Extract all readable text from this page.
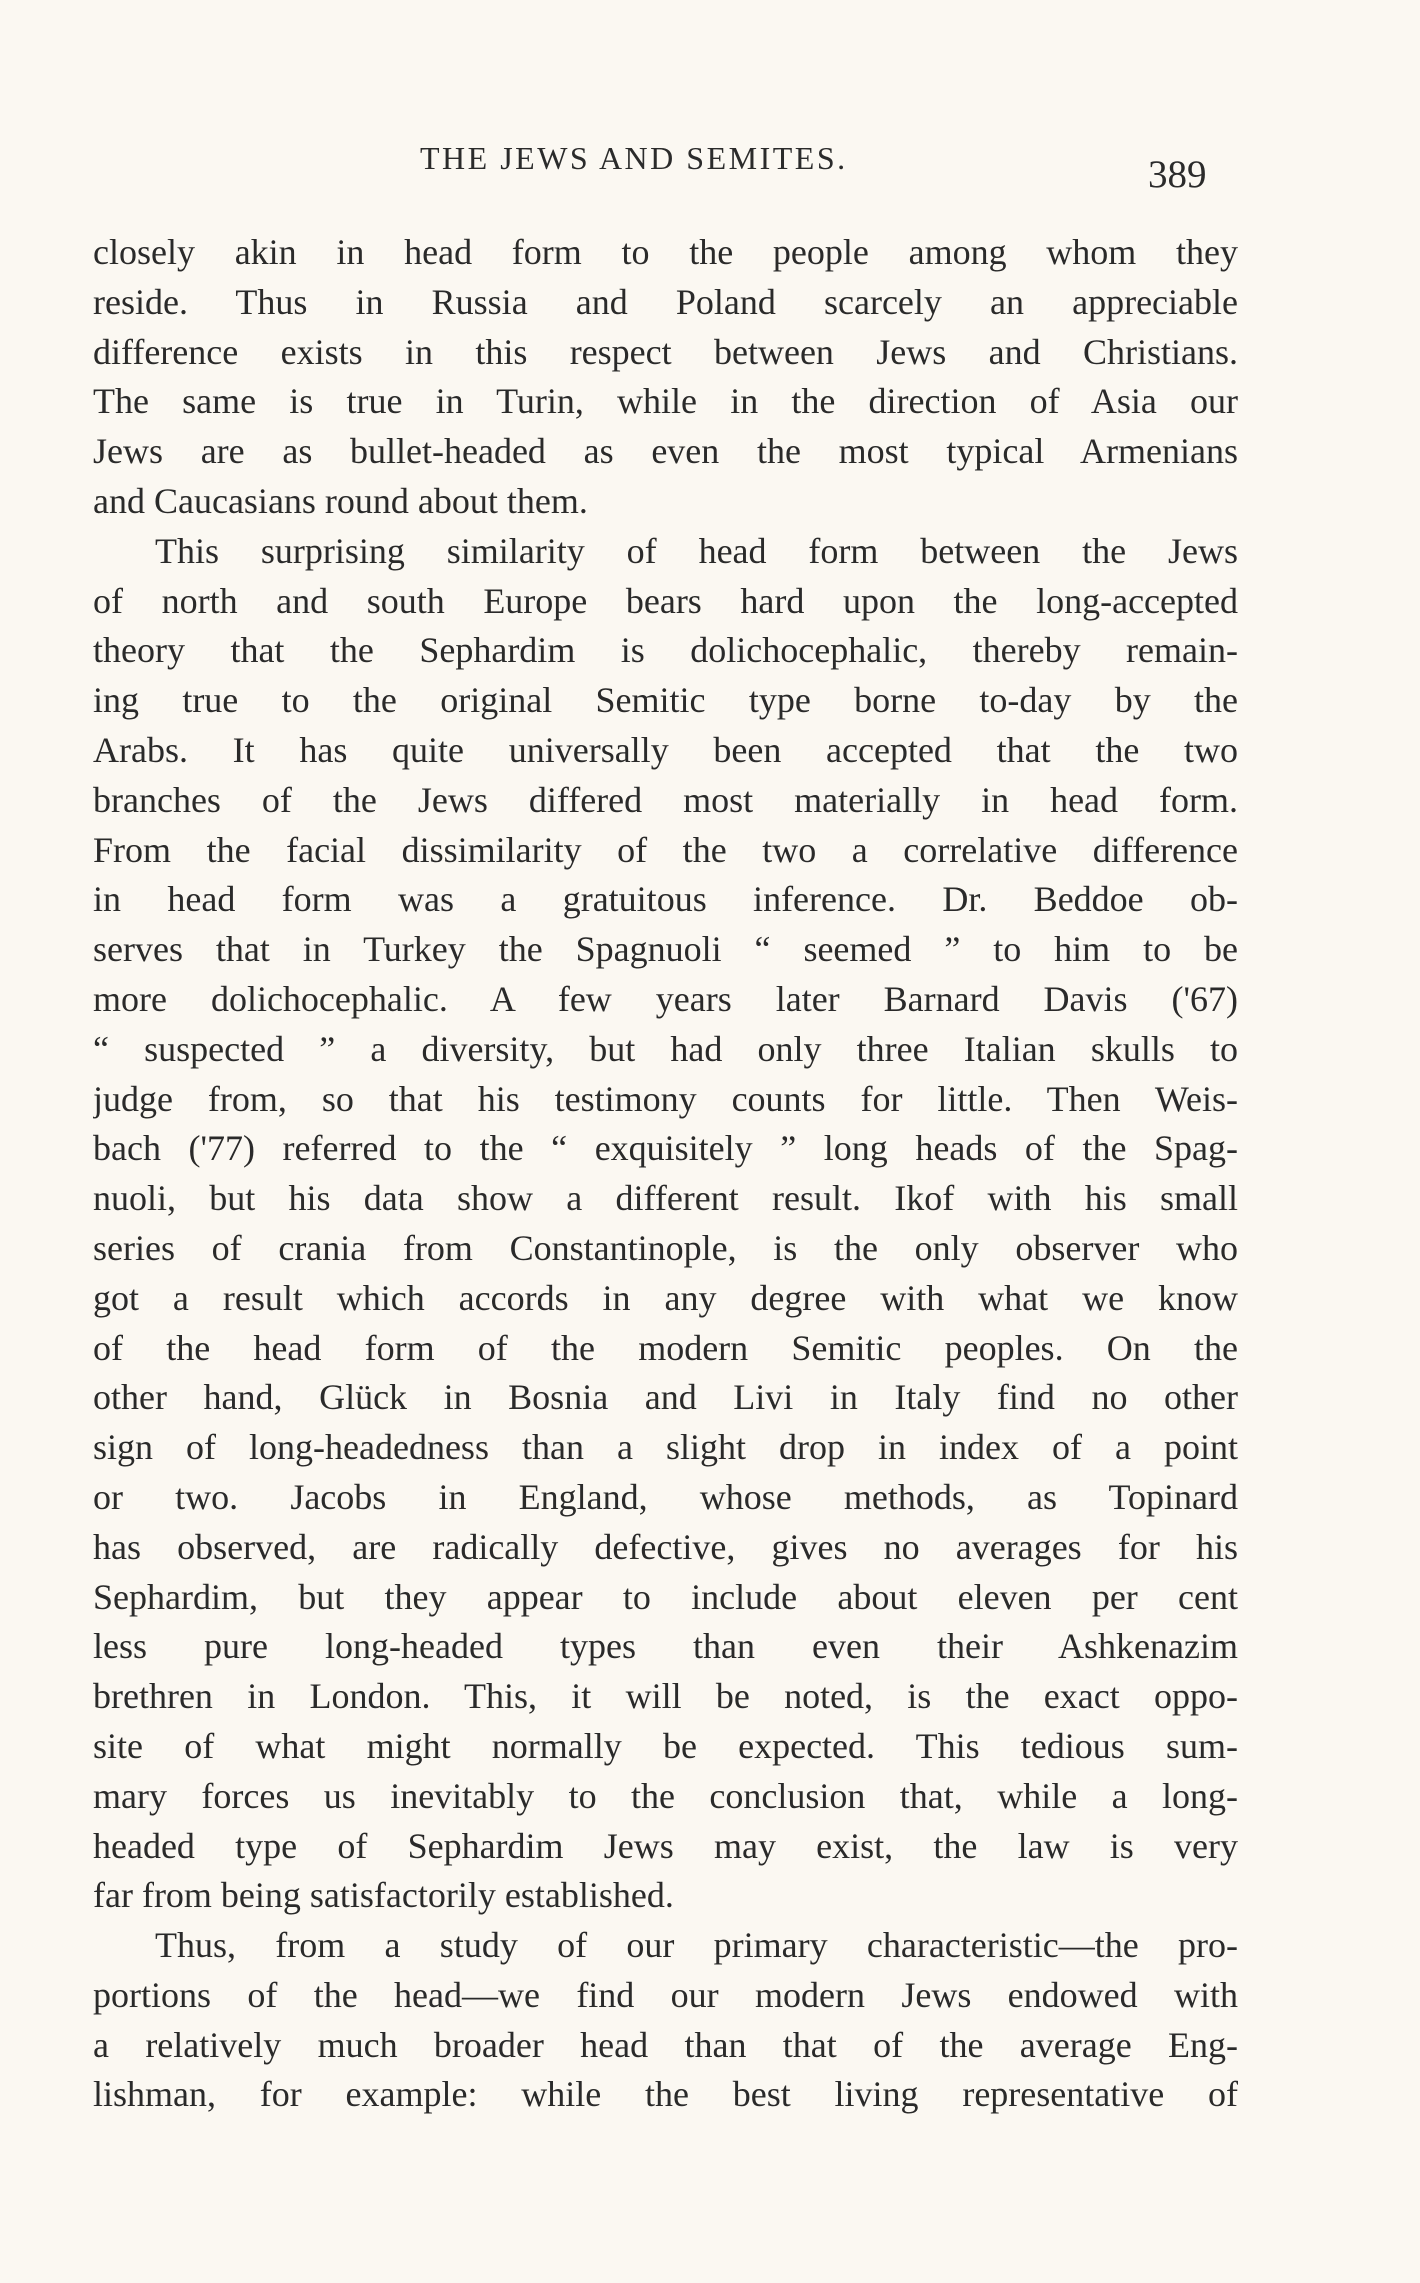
THE JEWS AND SEMITES.	389
closely akin in head form to the people among whom they
reside. Thus in Russia and Poland scarcely an appreciable
difference exists in this respect between Jews and Christians.
The same is true in Turin, while in the direction of Asia our
Jews are as bullet-headed as even the most typical Armenians
and Caucasians round about them.
This surprising similarity of head form between the Jews
of north and south Europe bears hard upon the long-accepted
theory that the Sephardim is dolichocephalic, thereby remain-
ing true to the original Semitic type borne to-day by the
Arabs. It has quite universally been accepted that the two
branches of the Jews differed most materially in head form.
From the facial dissimilarity of the two a correlative difference
in head form was a gratuitous inference. Dr. Beddoe ob-
serves that in Turkey the Spagnuoli “ seemed ” to him to be
more dolichocephalic. A few years later Barnard Davis ('67)
“ suspected ” a diversity, but had only three Italian skulls to
judge from, so that his testimony counts for little. Then Weis-
bach ('77) referred to the “ exquisitely ” long heads of the Spag-
nuoli, but his data show a different result. Ikof with his small
series of crania from Constantinople, is the only observer who
got a result which accords in any degree with what we know
of the head form of the modern Semitic peoples. On the
other hand, Glück in Bosnia and Livi in Italy find no other
sign of long-headedness than a slight drop in index of a point
or two. Jacobs in England, whose methods, as Topinard
has observed, are radically defective, gives no averages for his
Sephardim, but they appear to include about eleven per cent
less pure long-headed types than even their Ashkenazim
brethren in London. This, it will be noted, is the exact oppo-
site of what might normally be expected. This tedious sum-
mary forces us inevitably to the conclusion that, while a long-
headed type of Sephardim Jews may exist, the law is very
far from being satisfactorily established.
Thus, from a study of our primary characteristic—the pro-
portions of the head—we find our modern Jews endowed with
a relatively much broader head than that of the average Eng-
lishman, for example: while the best living representative of
